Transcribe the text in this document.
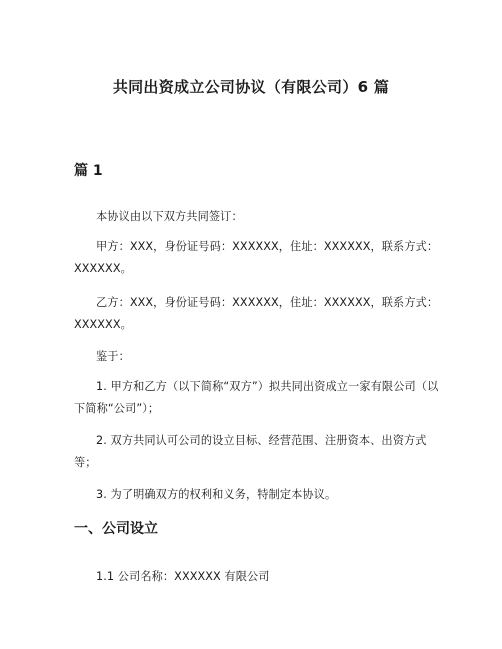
共同出资成立公司协议（有限公司）6 篇
篇 1
本协议由以下双方共同签订：
甲方：XXX，身份证号码：XXXXXX，住址：XXXXXX，联系方式：XXXXXX。
乙方：XXX，身份证号码：XXXXXX，住址：XXXXXX，联系方式：XXXXXX。
鉴于：
1. 甲方和乙方（以下简称“双方”）拟共同出资成立一家有限公司（以下简称“公司”）；
2. 双方共同认可公司的设立目标、经营范围、注册资本、出资方式等；
3. 为了明确双方的权利和义务，特制定本协议。
一、公司设立
1.1 公司名称：XXXXXX 有限公司
